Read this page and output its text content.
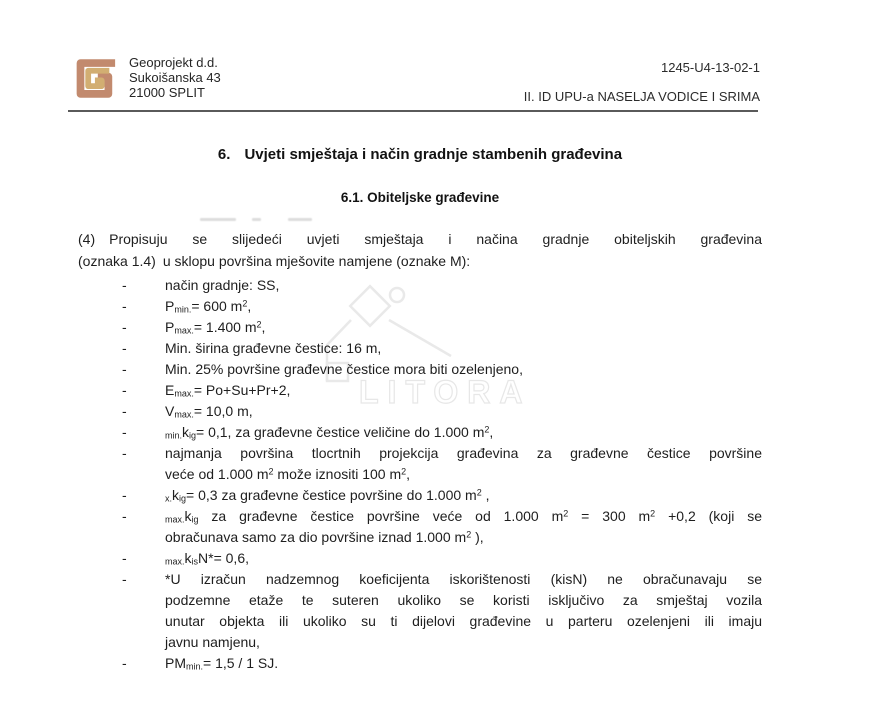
LITORA
Geoprojekt d.d.
Sukoišanska 43
21000 SPLIT
1245-U4-13-02-1
II. ID UPU-a NASELJA VODICE I SRIMA
6. Uvjeti smještaja i način gradnje stambenih građevina
6.1. Obiteljske građevine
(4) Propisuju se slijedeći uvjeti smještaja i načina gradnje obiteljskih građevina
(oznaka 1.4) u sklopu površina mješovite namjene (oznake M):
-	način gradnje: SS,
-	$P_{min.}= 600$ $m^2$,
-	$P_{max.}= 1.400$ $m^2$,
-	Min. širina građevne čestice: 16 m,
-	Min. 25% površine građevne čestice mora biti ozelenjeno,
-	$E_{max.}= Po+Su+Pr+2$,
-	$V_{max.}= 10,0$ m,
-	$_{min.}k_{ig}= 0,1$, za građevne čestice veličine do 1.000 $m^2$,
-	najmanja površina tlocrtnih projekcija građevina za građevne čestice površine
veće od 1.000 $m^2$ može iznositi 100 $m^2$,
-	$_{x.}k_{ig}= 0,3$ za građevne čestice površine do 1.000 $m^2$ ,
-	$_{max.}k_{ig}$ za građevne čestice površine veće od 1.000 $m^2 = 300$ $m^2 +0,2$ (koji se
obračunava samo za dio površine iznad 1.000 $m^2$ ),
-	$_{max.}k_{is}N*= 0,6$,
-	*U izračun nadzemnog koeficijenta iskorištenosti (kisN) ne obračunavaju se
podzemne etaže te suteren ukoliko se koristi isključivo za smještaj vozila
unutar objekta ili ukoliko su ti dijelovi građevine u parteru ozelenjeni ili imaju
javnu namjenu,
-	$PM_{min.}= 1,5 / 1$ SJ.
